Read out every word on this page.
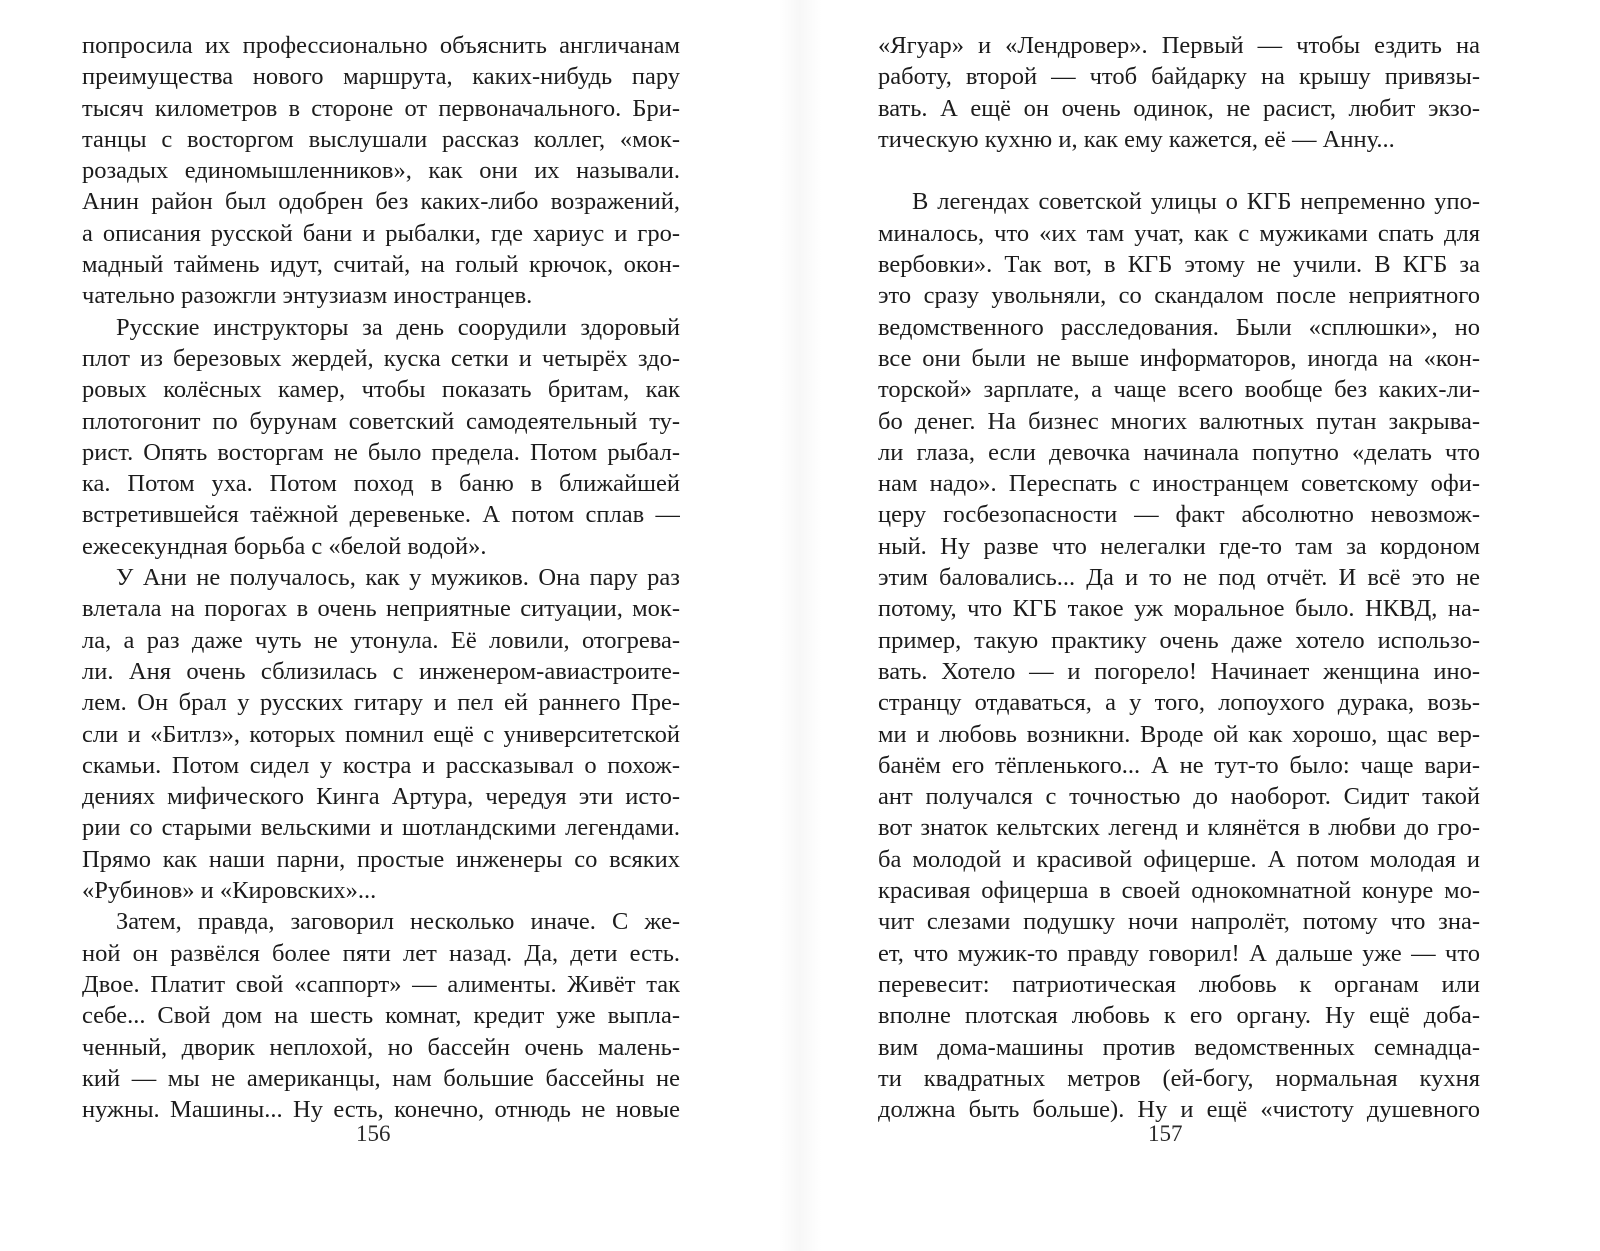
попросила их профессионально объяснить англичанам
преимущества нового маршрута, каких-нибудь пару
тысяч километров в стороне от первоначального. Бри-
танцы с восторгом выслушали рассказ коллег, «мок-
розадых единомышленников», как они их называли.
Анин район был одобрен без каких-либо возражений,
а описания русской бани и рыбалки, где хариус и гро-
мадный таймень идут, считай, на голый крючок, окон-
чательно разожгли энтузиазм иностранцев.
Русские инструкторы за день соорудили здоровый
плот из березовых жердей, куска сетки и четырёх здо-
ровых колёсных камер, чтобы показать бритам, как
плотогонит по бурунам советский самодеятельный ту-
рист. Опять восторгам не было предела. Потом рыбал-
ка. Потом уха. Потом поход в баню в ближайшей
встретившейся таёжной деревеньке. А потом сплав —
ежесекундная борьба с «белой водой».
У Ани не получалось, как у мужиков. Она пару раз
влетала на порогах в очень неприятные ситуации, мок-
ла, а раз даже чуть не утонула. Её ловили, отогрева-
ли. Аня очень сблизилась с инженером-авиастроите-
лем. Он брал у русских гитару и пел ей раннего Пре-
сли и «Битлз», которых помнил ещё с университетской
скамьи. Потом сидел у костра и рассказывал о похож-
дениях мифического Кинга Артура, чередуя эти исто-
рии со старыми вельскими и шотландскими легендами.
Прямо как наши парни, простые инженеры со всяких
«Рубинов» и «Кировских»...
Затем, правда, заговорил несколько иначе. С же-
ной он развёлся более пяти лет назад. Да, дети есть.
Двое. Платит свой «саппорт» — алименты. Живёт так
себе... Свой дом на шесть комнат, кредит уже выпла-
ченный, дворик неплохой, но бассейн очень малень-
кий — мы не американцы, нам большие бассейны не
нужны. Машины... Ну есть, конечно, отнюдь не новые
156
«Ягуар» и «Лендровер». Первый — чтобы ездить на
работу, второй — чтоб байдарку на крышу привязы-
вать. А ещё он очень одинок, не расист, любит экзо-
тическую кухню и, как ему кажется, её — Анну...
В легендах советской улицы о КГБ непременно упо-
миналось, что «их там учат, как с мужиками спать для
вербовки». Так вот, в КГБ этому не учили. В КГБ за
это сразу увольняли, со скандалом после неприятного
ведомственного расследования. Были «сплюшки», но
все они были не выше информаторов, иногда на «кон-
торской» зарплате, а чаще всего вообще без каких-ли-
бо денег. На бизнес многих валютных путан закрыва-
ли глаза, если девочка начинала попутно «делать что
нам надо». Переспать с иностранцем советскому офи-
церу госбезопасности — факт абсолютно невозмож-
ный. Ну разве что нелегалки где-то там за кордоном
этим баловались... Да и то не под отчёт. И всё это не
потому, что КГБ такое уж моральное было. НКВД, на-
пример, такую практику очень даже хотело использо-
вать. Хотело — и погорело! Начинает женщина ино-
странцу отдаваться, а у того, лопоухого дурака, возь-
ми и любовь возникни. Вроде ой как хорошо, щас вер-
банём его тёпленького... А не тут-то было: чаще вари-
ант получался с точностью до наоборот. Сидит такой
вот знаток кельтских легенд и клянётся в любви до гро-
ба молодой и красивой офицерше. А потом молодая и
красивая офицерша в своей однокомнатной конуре мо-
чит слезами подушку ночи напролёт, потому что зна-
ет, что мужик-то правду говорил! А дальше уже — что
перевесит: патриотическая любовь к органам или
вполне плотская любовь к его органу. Ну ещё доба-
вим дома-машины против ведомственных семнадца-
ти квадратных метров (ей-богу, нормальная кухня
должна быть больше). Ну и ещё «чистоту душевного
157
